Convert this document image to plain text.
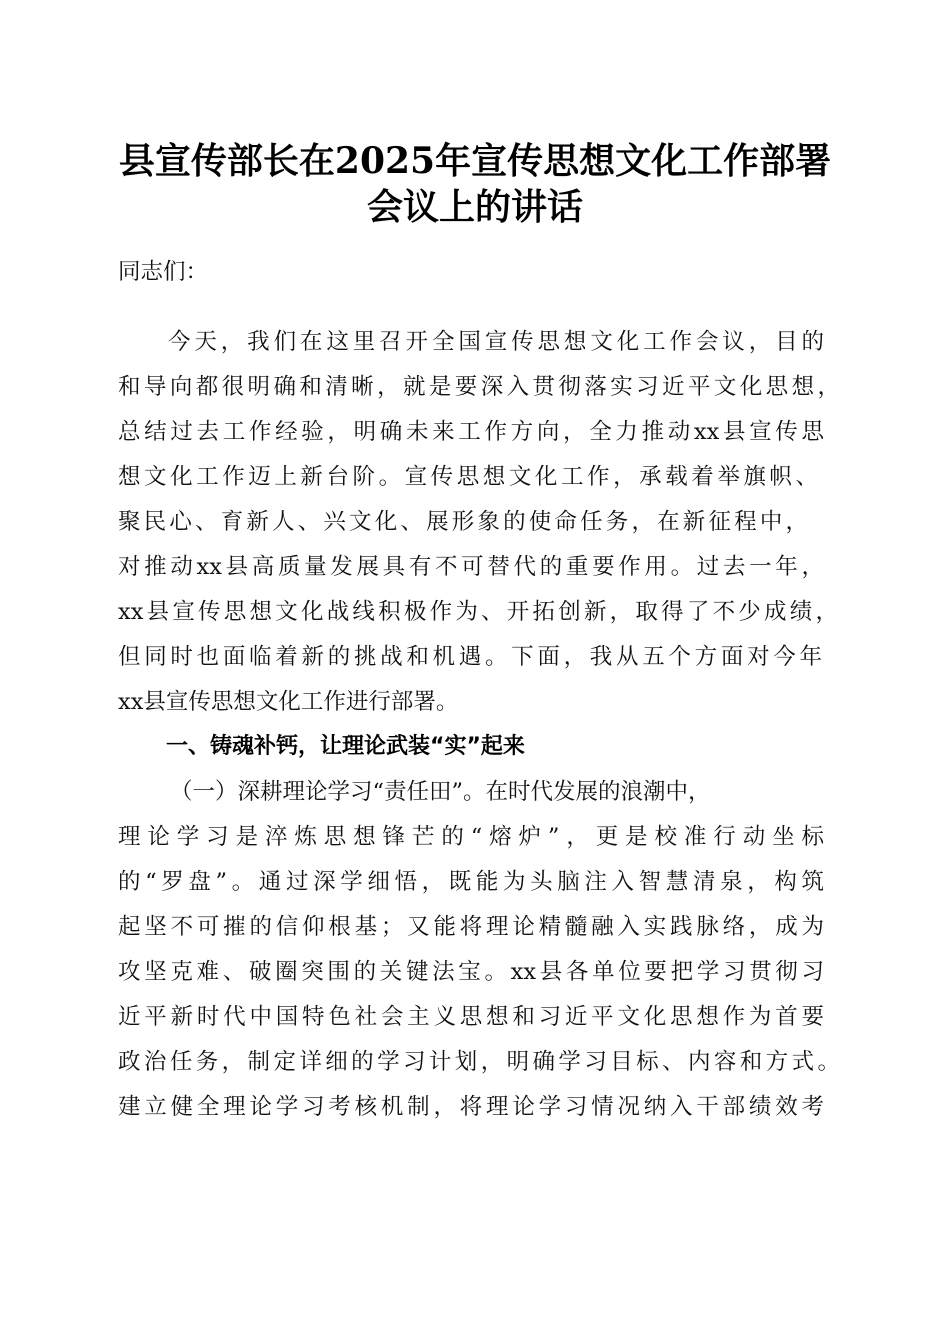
县宣传部长在2025年宣传思想文化工作部署
会议上的讲话
同志们：
今天，我们在这里召开全国宣传思想文化工作会议，目的
和导向都很明确和清晰，就是要深入贯彻落实习近平文化思想，
总结过去工作经验，明确未来工作方向，全力推动xx县宣传思
想文化工作迈上新台阶。宣传思想文化工作，承载着举旗帜、
聚民心、育新人、兴文化、展形象的使命任务，在新征程中，
对推动xx县高质量发展具有不可替代的重要作用。过去一年，
xx县宣传思想文化战线积极作为、开拓创新，取得了不少成绩，
但同时也面临着新的挑战和机遇。下面，我从五个方面对今年
xx县宣传思想文化工作进行部署。
一、铸魂补钙，让理论武装“实”起来
（一）深耕理论学习“责任田”。在时代发展的浪潮中，
理论学习是淬炼思想锋芒的“熔炉”，更是校准行动坐标
的“罗盘”。通过深学细悟，既能为头脑注入智慧清泉，构筑
起坚不可摧的信仰根基；又能将理论精髓融入实践脉络，成为
攻坚克难、破圈突围的关键法宝。xx县各单位要把学习贯彻习
近平新时代中国特色社会主义思想和习近平文化思想作为首要
政治任务，制定详细的学习计划，明确学习目标、内容和方式。
建立健全理论学习考核机制，将理论学习情况纳入干部绩效考
